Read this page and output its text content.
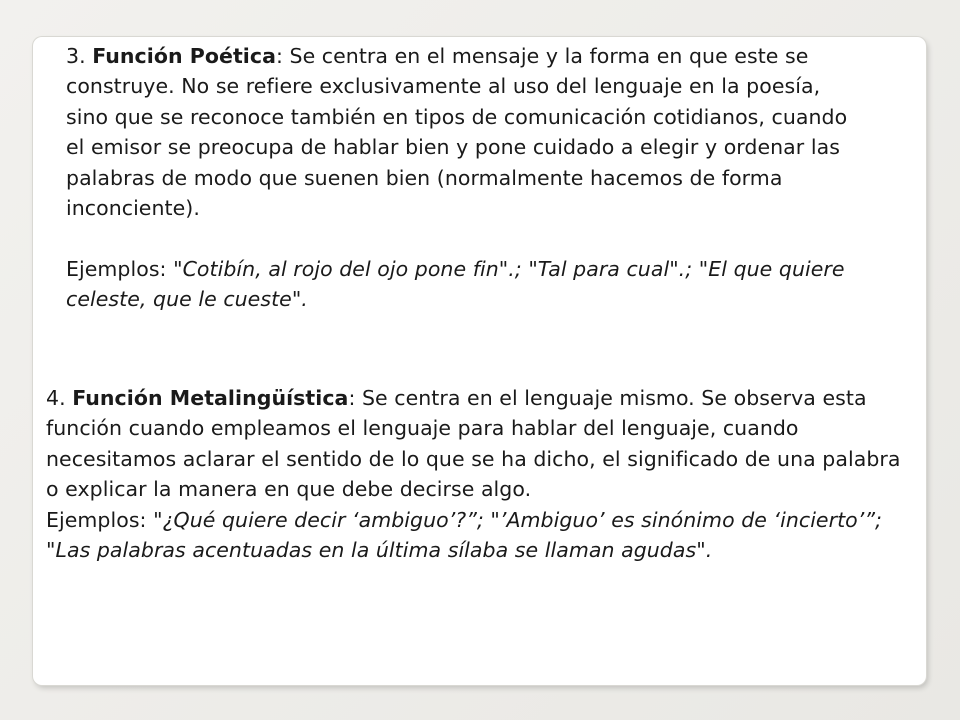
3. Función Poética: Se centra en el mensaje y la forma en que este se construye. No se refiere exclusivamente al uso del lenguaje en la poesía, sino que se reconoce también en tipos de comunicación cotidianos, cuando el emisor se preocupa de hablar bien y pone cuidado a elegir y ordenar las palabras de modo que suenen bien (normalmente hacemos de forma inconciente).

Ejemplos: "Cotibín, al rojo del ojo pone fin".; "Tal para cual".; "El que quiere celeste, que le cueste".

4. Función Metalingüística: Se centra en el lenguaje mismo. Se observa esta función cuando empleamos el lenguaje para hablar del lenguaje, cuando necesitamos aclarar el sentido de lo que se ha dicho, el significado de una palabra o explicar la manera en que debe decirse algo.

Ejemplos: "¿Qué quiere decir ‘ambiguo’?”; "’Ambiguo’ es sinónimo de ‘incierto’”; "Las palabras acentuadas en la última sílaba se llaman agudas".
